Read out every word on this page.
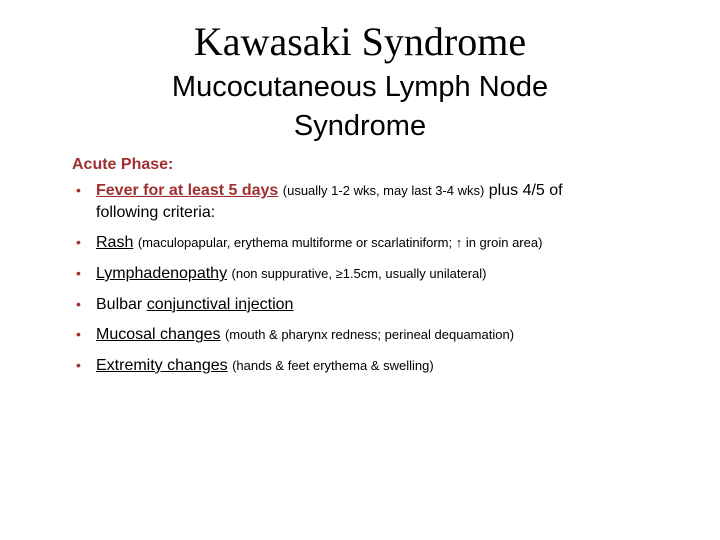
Kawasaki Syndrome
Mucocutaneous Lymph Node Syndrome
Acute Phase:
• Fever for at least 5 days (usually 1-2 wks, may last 3-4 wks) plus 4/5 of following criteria:
• Rash (maculopapular, erythema multiforme or scarlatiniform; ↑ in groin area)
• Lymphadenopathy (non suppurative, ≥1.5cm, usually unilateral)
• Bulbar conjunctival injection
• Mucosal changes (mouth & pharynx redness; perineal dequamation)
• Extremity changes (hands & feet erythema & swelling)
